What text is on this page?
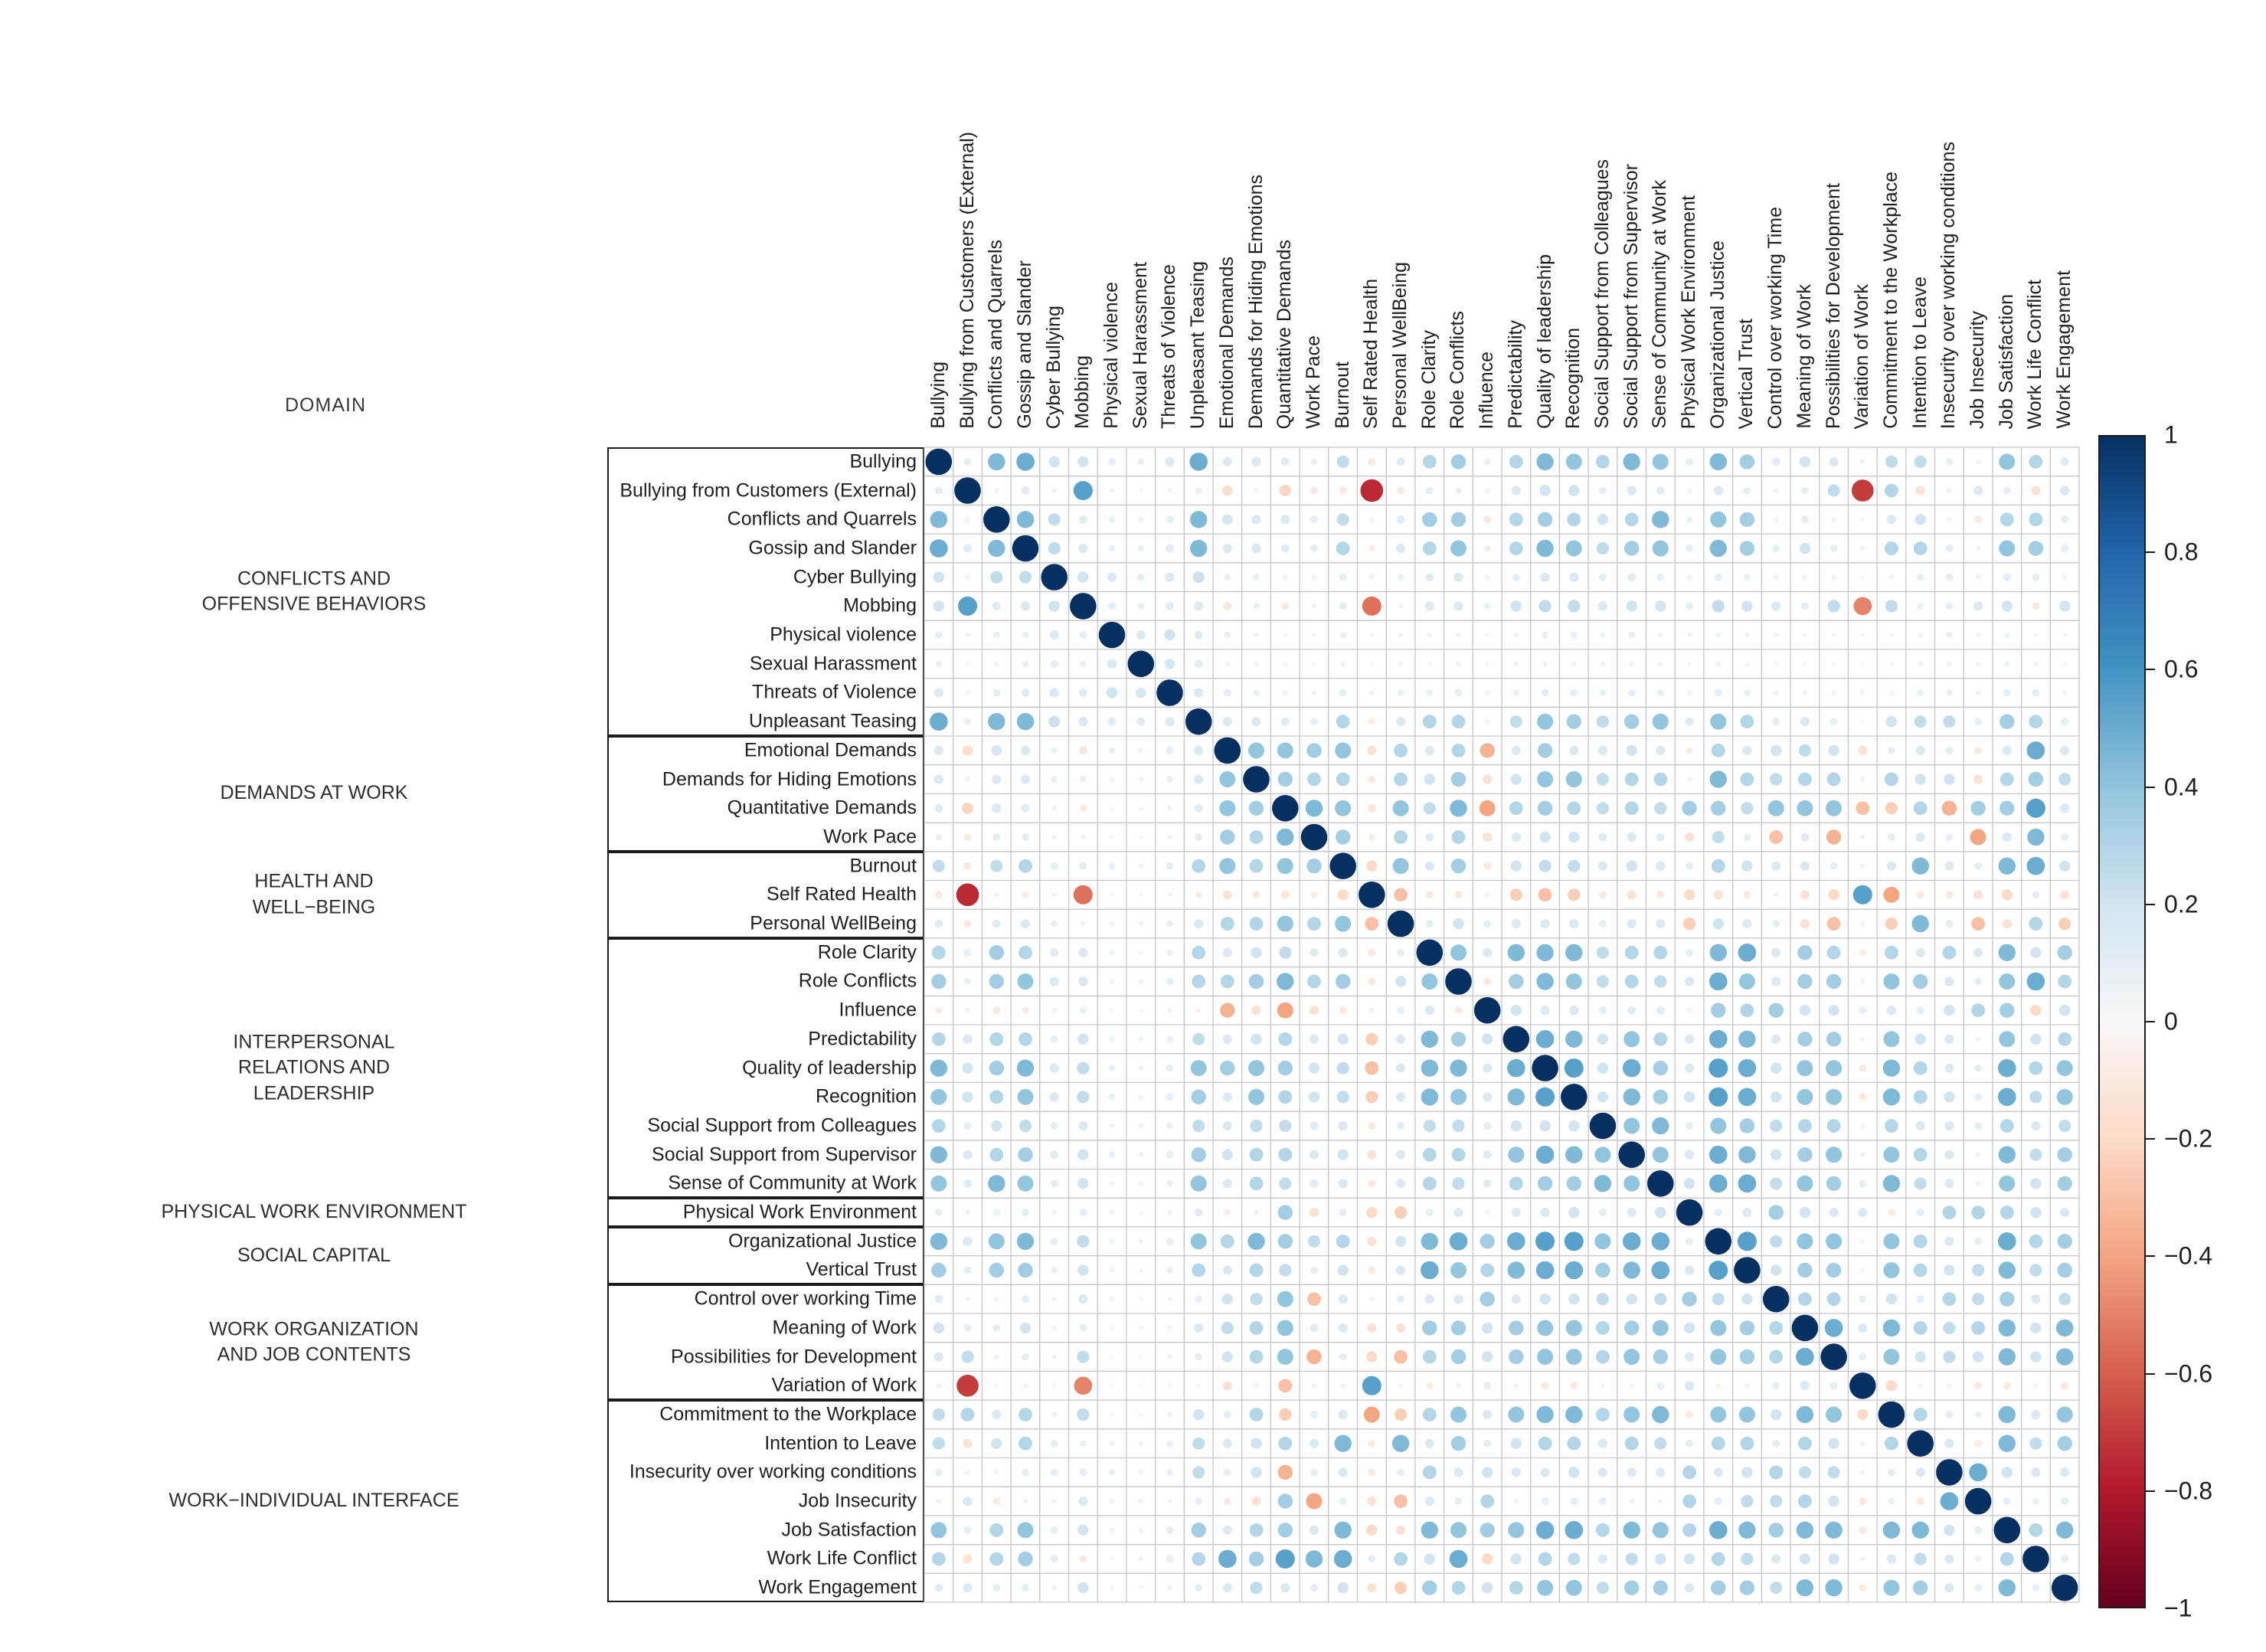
DOMAIN
CONFLICTS AND
OFFENSIVE BEHAVIORS
DEMANDS AT WORK
HEALTH AND
WELL−BEING
INTERPERSONAL
RELATIONS AND
LEADERSHIP
PHYSICAL WORK ENVIRONMENT
SOCIAL CAPITAL
WORK ORGANIZATION
AND JOB CONTENTS
WORK−INDIVIDUAL INTERFACE
Bullying
Bullying from Customers (External)
Conflicts and Quarrels
Gossip and Slander
Cyber Bullying
Mobbing
Physical violence
Sexual Harassment
Threats of Violence
Unpleasant Teasing
Emotional Demands
Demands for Hiding Emotions
Quantitative Demands
Work Pace
Burnout
Self Rated Health
Personal WellBeing
Role Clarity
Role Conflicts
Influence
Predictability
Quality of leadership
Recognition
Social Support from Colleagues
Social Support from Supervisor
Sense of Community at Work
Physical Work Environment
Organizational Justice
Vertical Trust
Control over working Time
Meaning of Work
Possibilities for Development
Variation of Work
Commitment to the Workplace
Intention to Leave
Insecurity over working conditions
Job Insecurity
Job Satisfaction
Work Life Conflict
Work Engagement
Bullying Bullying from Customers (External) Conflicts and Quarrels Gossip and Slander Cyber Bullying Mobbing Physical violence Sexual Harassment Threats of Violence Unpleasant Teasing Emotional Demands Demands for Hiding Emotions Quantitative Demands Work Pace Burnout Self Rated Health Personal WellBeing Role Clarity Role Conflicts Influence Predictability Quality of leadership Recognition Social Support from Colleagues Social Support from Supervisor Sense of Community at Work Physical Work Environment Organizational Justice Vertical Trust Control over working Time Meaning of Work Possibilities for Development Variation of Work Commitment to the Workplace Intention to Leave Insecurity over working conditions Job Insecurity Job Satisfaction Work Life Conflict Work Engagement
1
0.8
0.6
0.4
0.2
0
−0.2
−0.4
−0.6
−0.8
−1
